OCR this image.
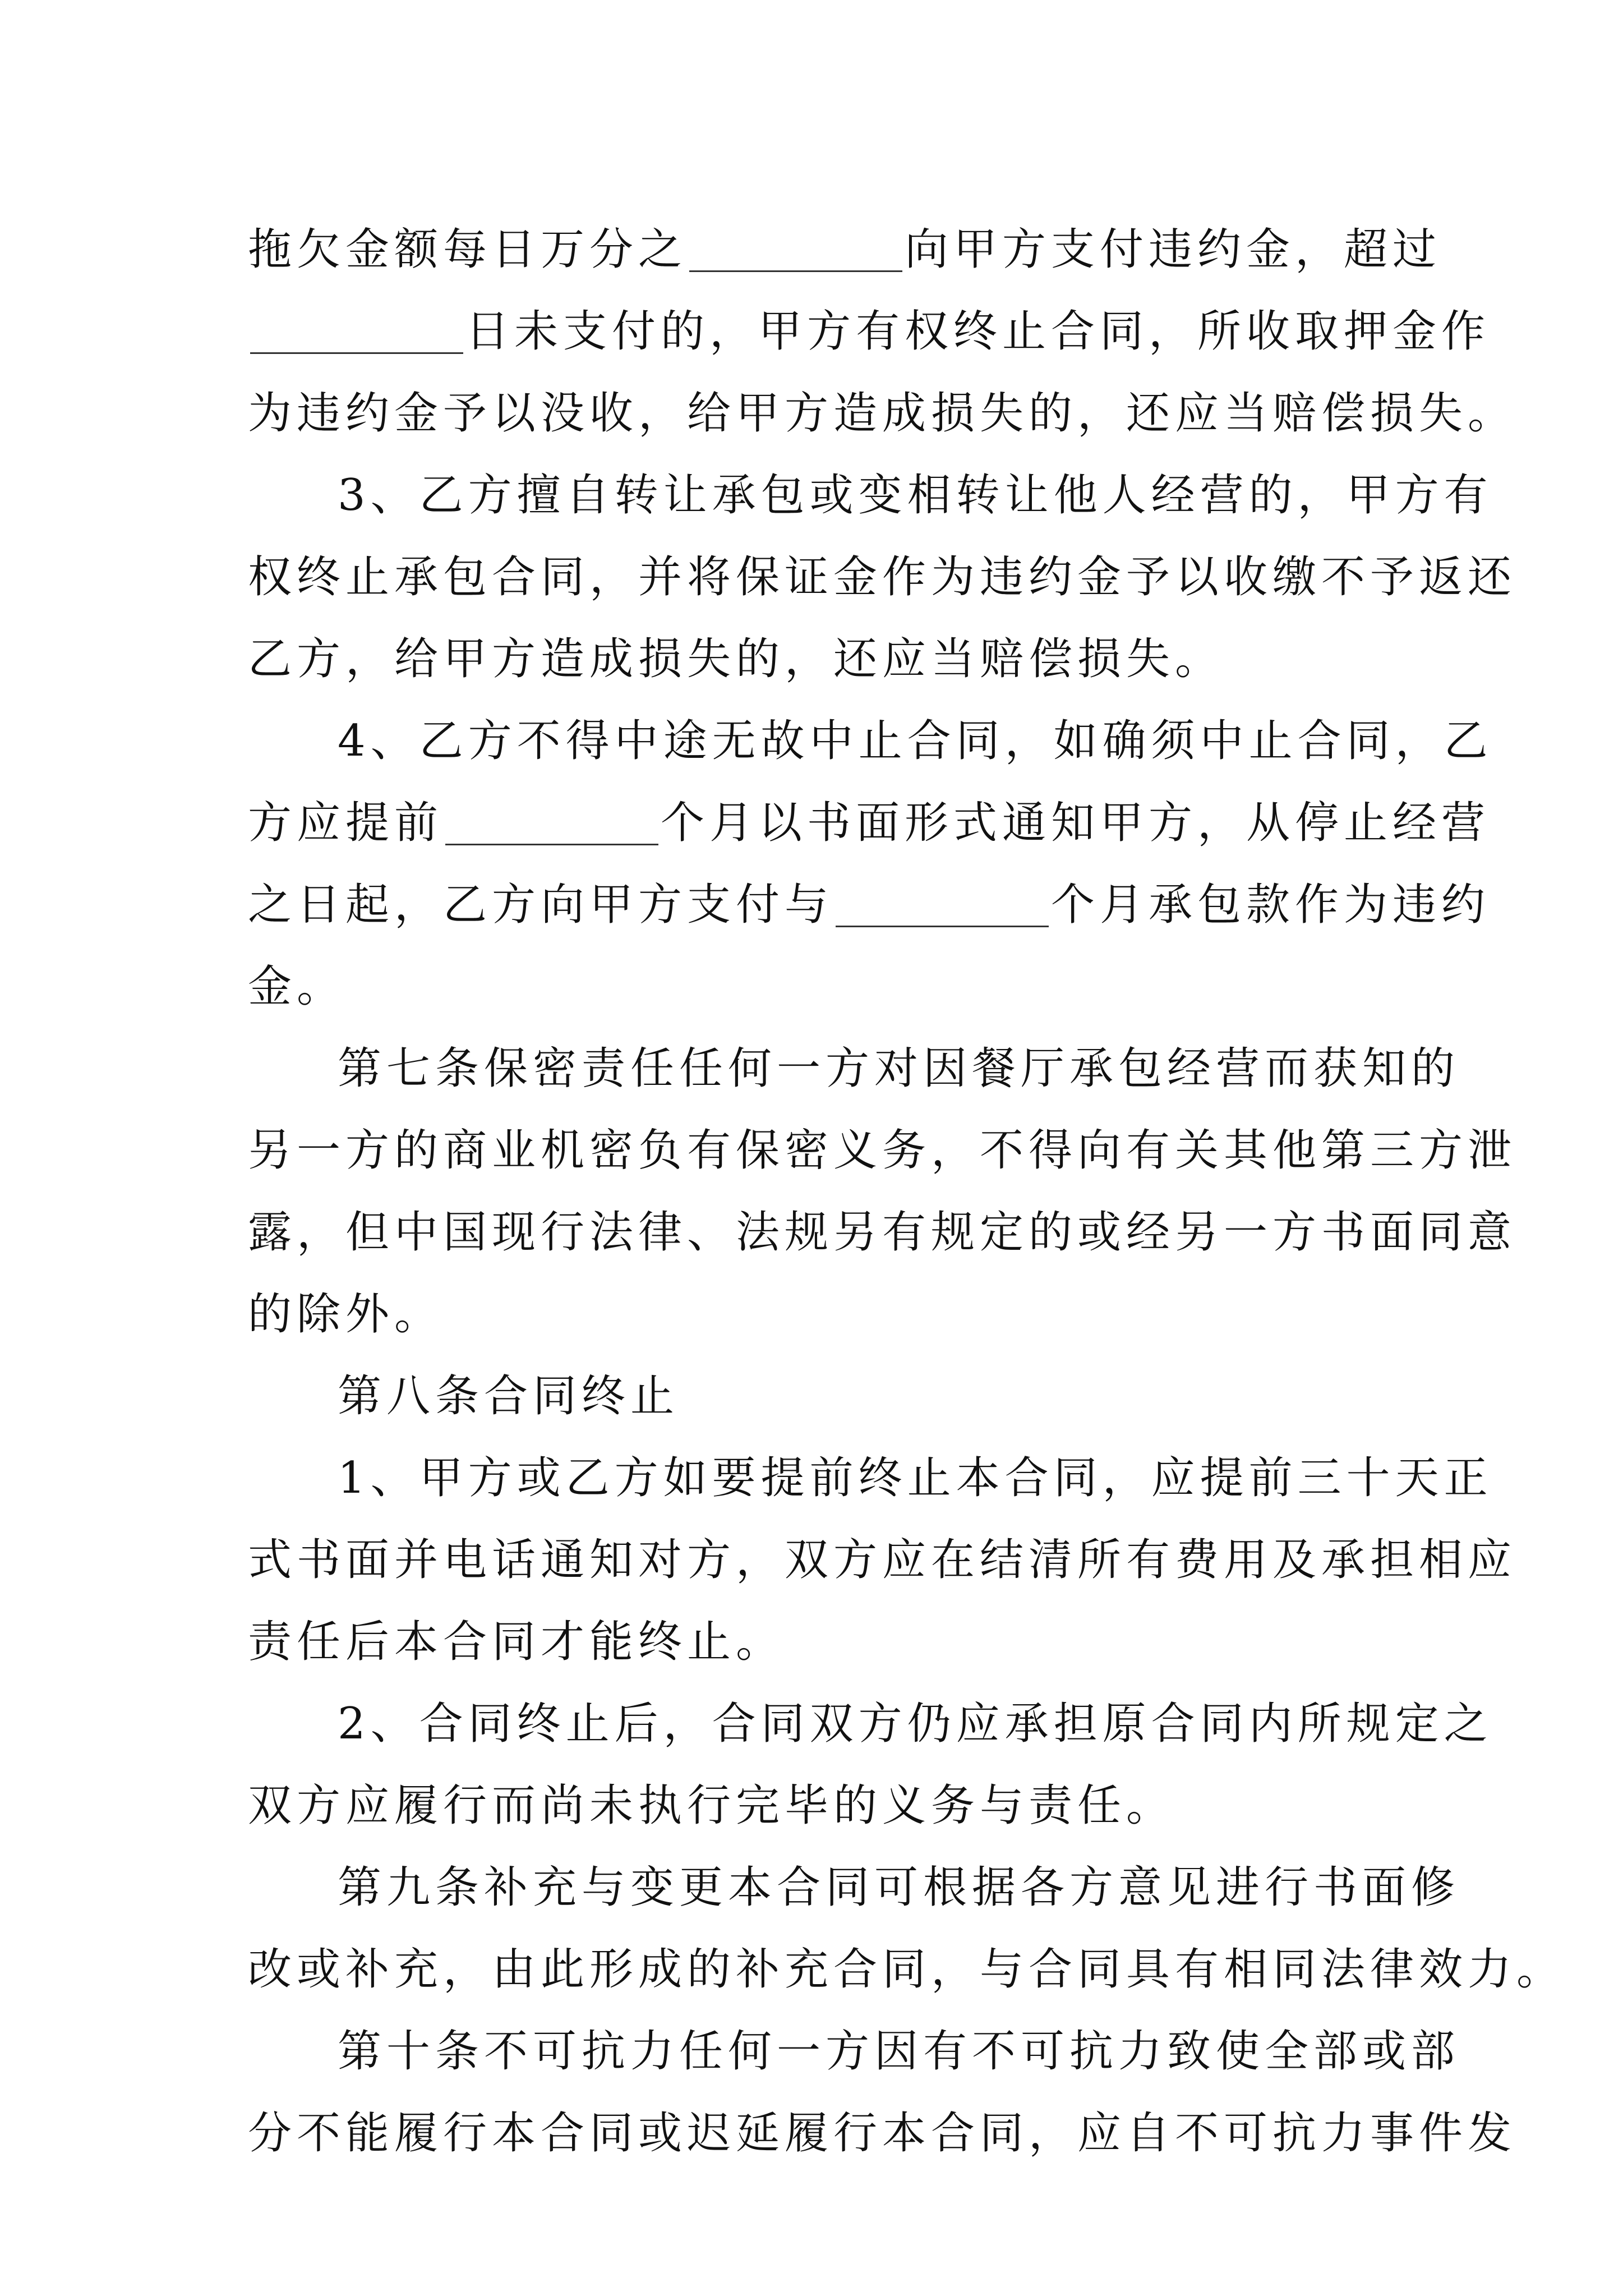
拖欠金额每日万分之	向甲方支付违约金，超过
日未支付的，甲方有权终止合同，所收取押金作
为违约金予以没收，给甲方造成损失的，还应当赔偿损失。
3、乙方擅自转让承包或变相转让他人经营的，甲方有
权终止承包合同，并将保证金作为违约金予以收缴不予返还
乙方，给甲方造成损失的，还应当赔偿损失。
4、乙方不得中途无故中止合同，如确须中止合同，乙
方应提前	个月以书面形式通知甲方，从停止经营
之日起，乙方向甲方支付与	个月承包款作为违约
金。
第七条保密责任任何一方对因餐厅承包经营而获知的
另一方的商业机密负有保密义务，不得向有关其他第三方泄
露，但中国现行法律、法规另有规定的或经另一方书面同意
的除外。
第八条合同终止
1、甲方或乙方如要提前终止本合同，应提前三十天正
式书面并电话通知对方，双方应在结清所有费用及承担相应
责任后本合同才能终止。
2、合同终止后，合同双方仍应承担原合同内所规定之
双方应履行而尚未执行完毕的义务与责任。
第九条补充与变更本合同可根据各方意见进行书面修
改或补充，由此形成的补充合同，与合同具有相同法律效力。
第十条不可抗力任何一方因有不可抗力致使全部或部
分不能履行本合同或迟延履行本合同，应自不可抗力事件发
